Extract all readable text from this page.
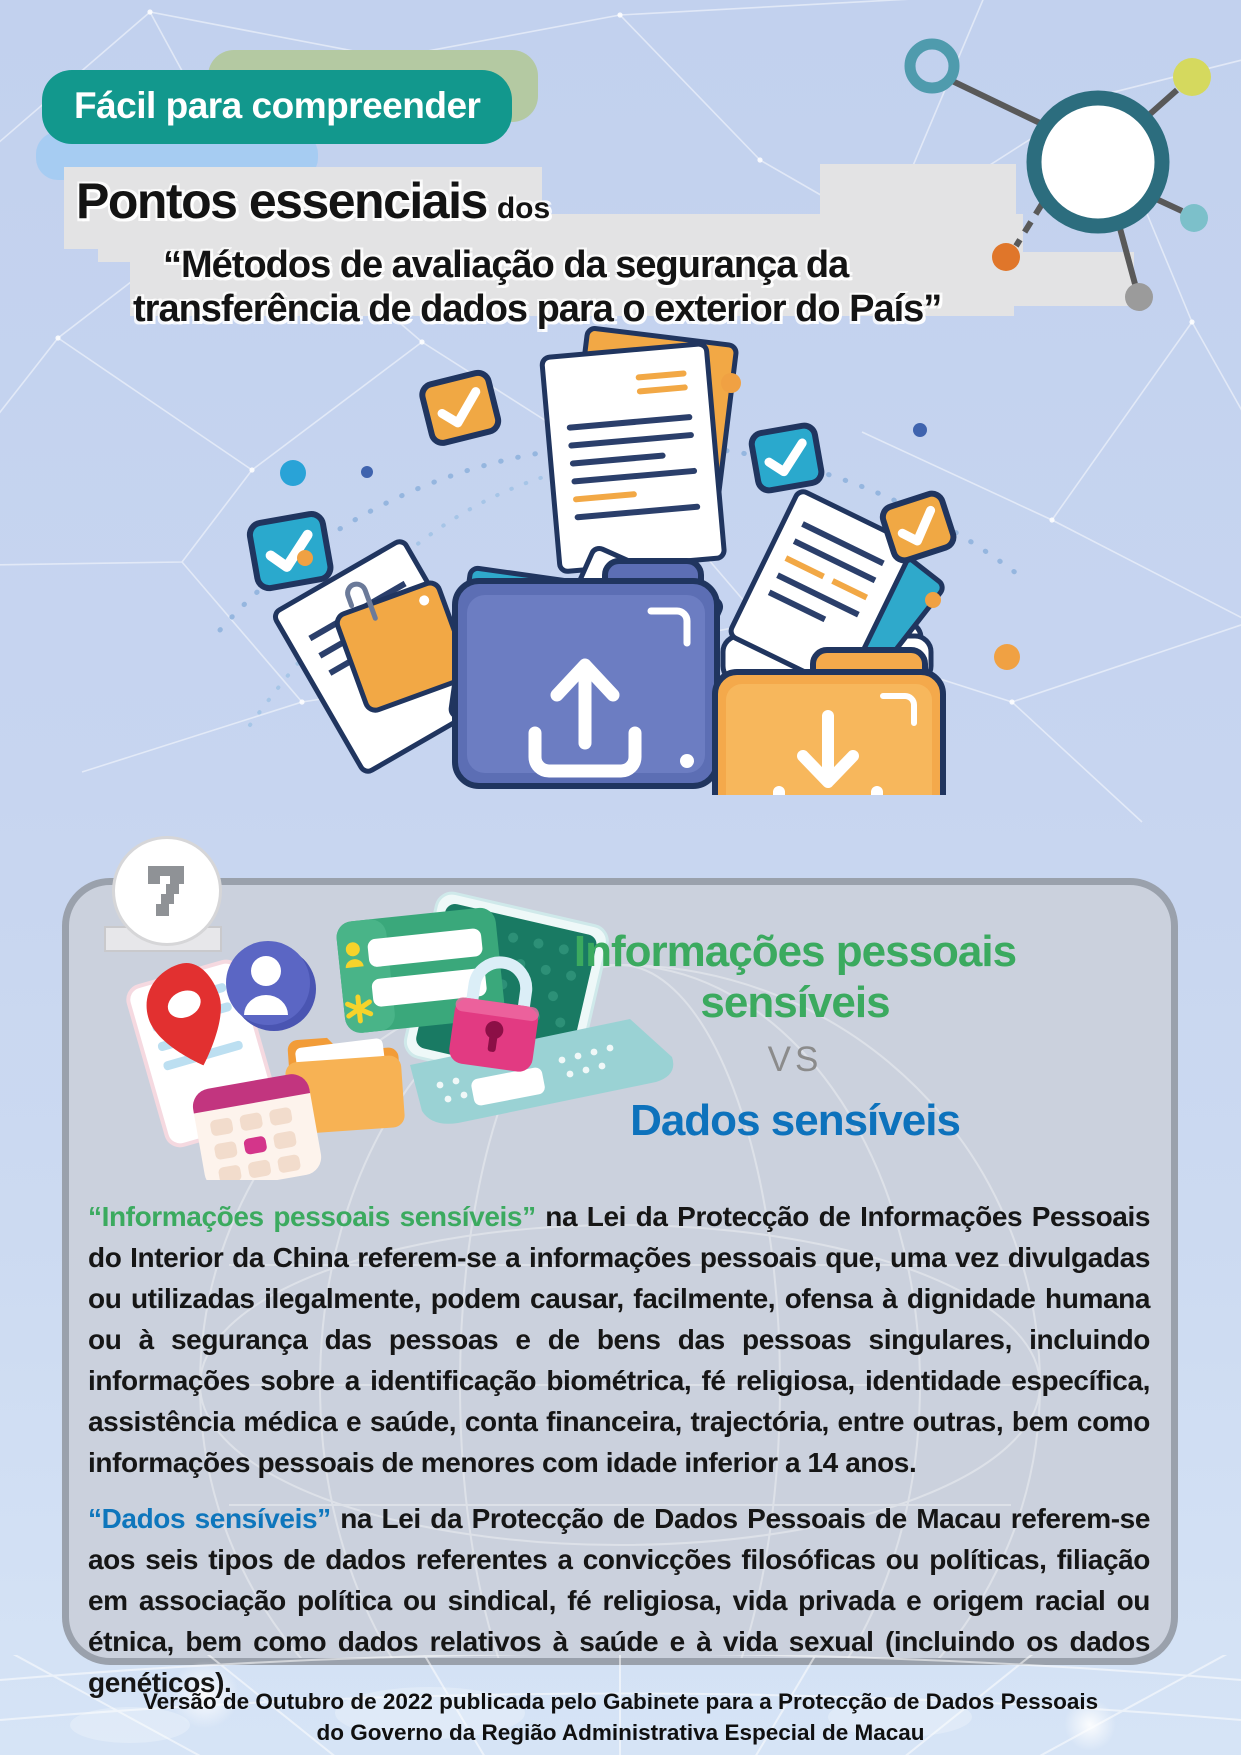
Fácil para compreender
Pontos essenciais dos
“Métodos de avaliação da segurança da
transferência de dados para o exterior do País”
Informações pessoais
sensíveis
VS
Dados sensíveis

“Informações pessoais sensíveis” na Lei da Protecção de Informações Pessoais do Interior da China referem-se a informações pessoais que, uma vez divulgadas ou utilizadas ilegalmente, podem causar, facilmente, ofensa à dignidade humana ou à segurança das pessoas e de bens das pessoas singulares, incluindo informações sobre a identificação biométrica, fé religiosa, identidade específica, assistência médica e saúde, conta financeira, trajectória, entre outras, bem como informações pessoais de menores com idade inferior a 14 anos.

“Dados sensíveis” na Lei da Protecção de Dados Pessoais de Macau referem-se aos seis tipos de dados referentes a convicções filosóficas ou políticas, filiação em associação política ou sindical, fé religiosa, vida privada e origem racial ou étnica, bem como dados relativos à saúde e à vida sexual (incluindo os dados genéticos).

Versão de Outubro de 2022 publicada pelo Gabinete para a Protecção de Dados Pessoais
do Governo da Região Administrativa Especial de Macau
